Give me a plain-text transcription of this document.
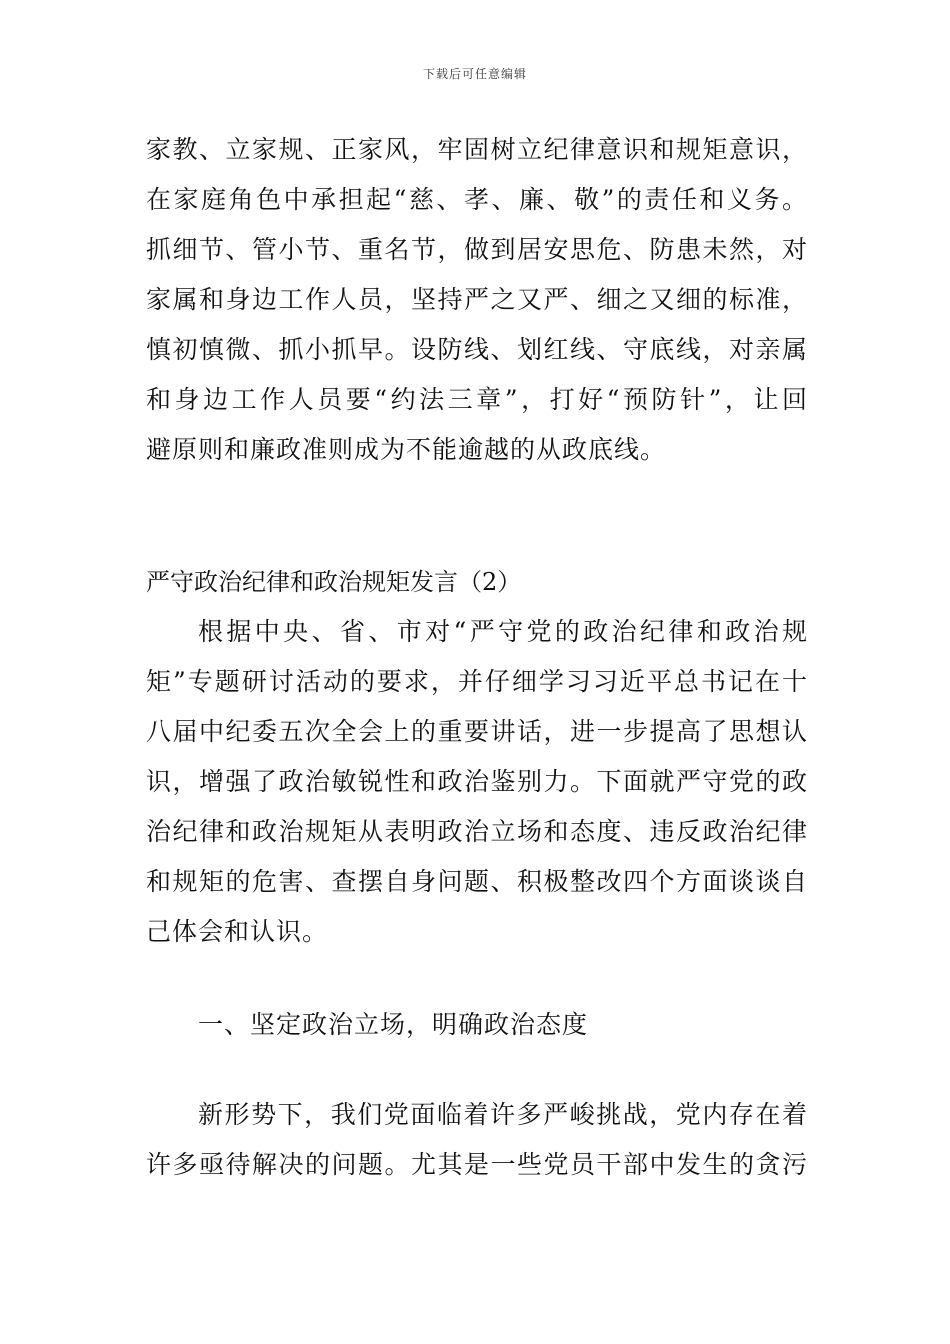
下载后可任意编辑
家教、立家规、正家风，牢固树立纪律意识和规矩意识，
在家庭角色中承担起“慈、孝、廉、敬”的责任和义务。
抓细节、管小节、重名节，做到居安思危、防患未然，对
家属和身边工作人员，坚持严之又严、细之又细的标准，
慎初慎微、抓小抓早。设防线、划红线、守底线，对亲属
和身边工作人员要“约法三章”，打好“预防针”，让回
避原则和廉政准则成为不能逾越的从政底线。
严守政治纪律和政治规矩发言（2）
根据中央、省、市对“严守党的政治纪律和政治规
矩”专题研讨活动的要求，并仔细学习习近平总书记在十
八届中纪委五次全会上的重要讲话，进一步提高了思想认
识，增强了政治敏锐性和政治鉴别力。下面就严守党的政
治纪律和政治规矩从表明政治立场和态度、违反政治纪律
和规矩的危害、查摆自身问题、积极整改四个方面谈谈自
己体会和认识。
一、坚定政治立场，明确政治态度
新形势下，我们党面临着许多严峻挑战，党内存在着
许多亟待解决的问题。尤其是一些党员干部中发生的贪污
